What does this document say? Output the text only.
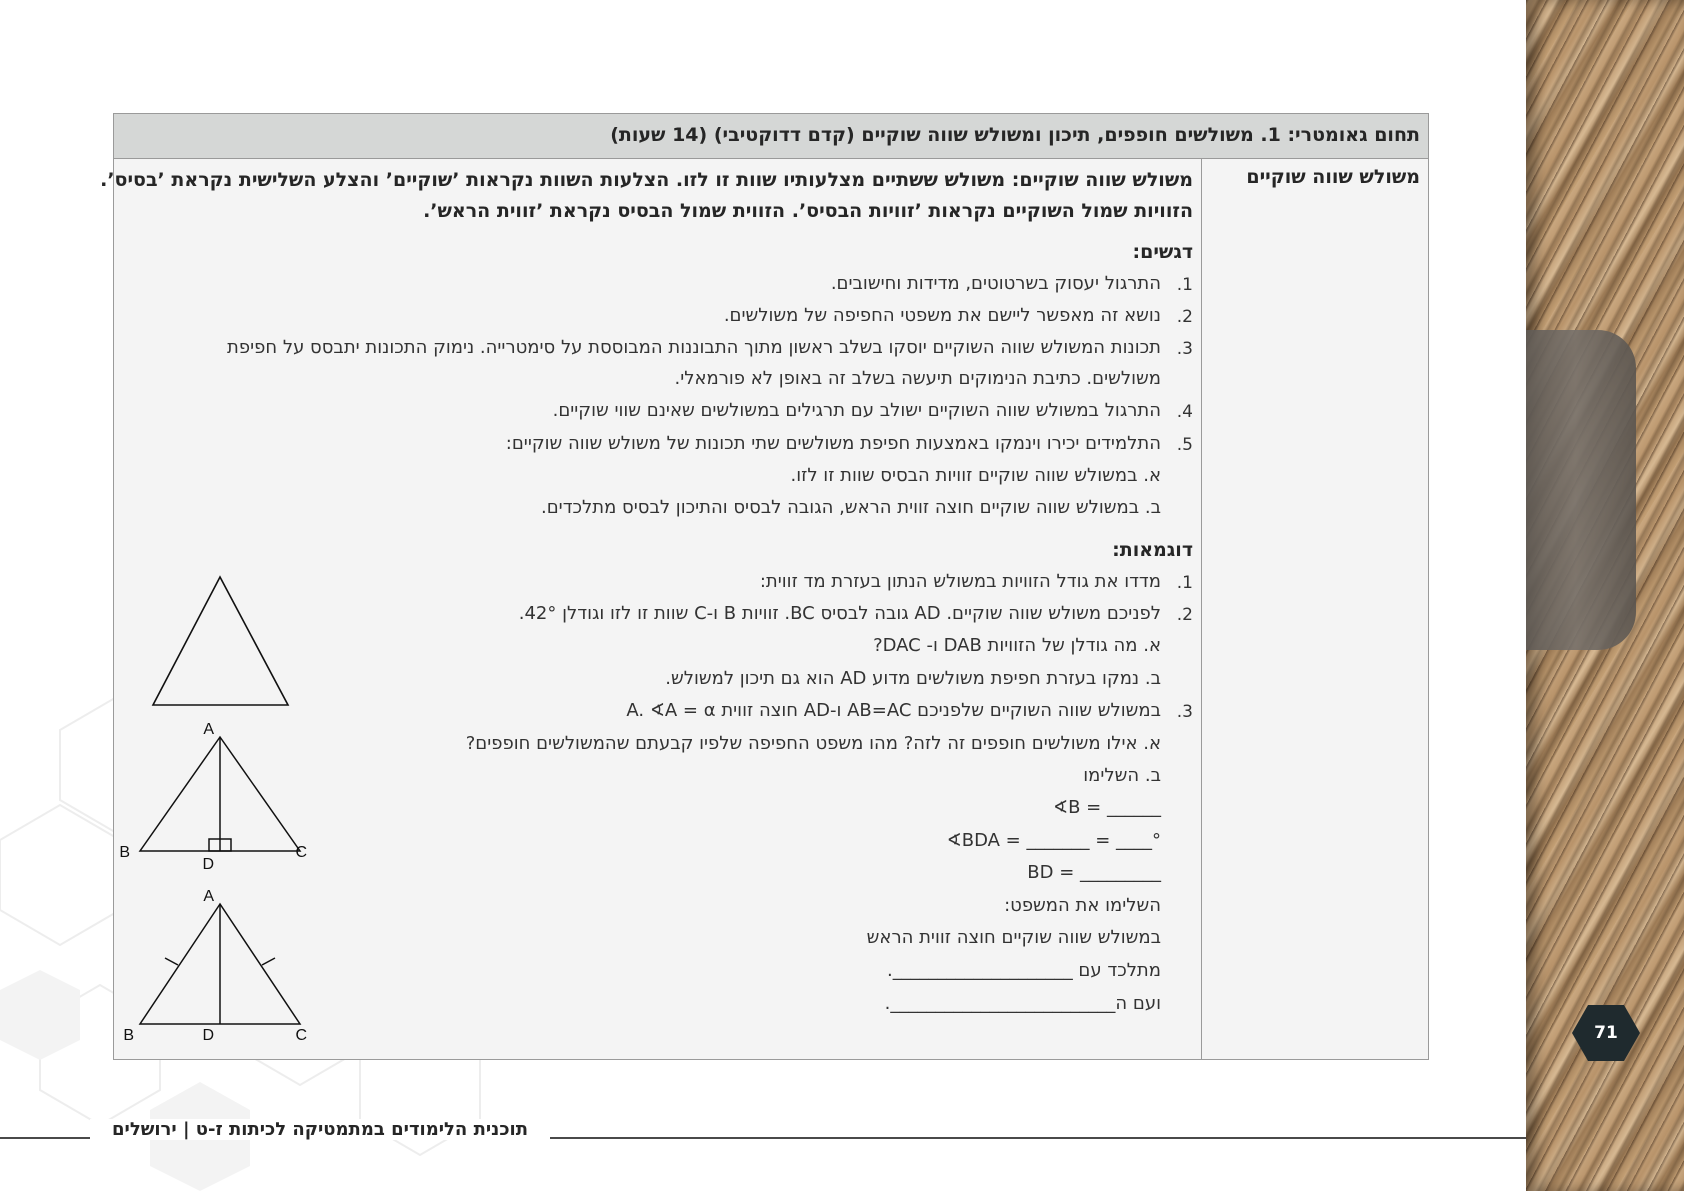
תחום גאומטרי: 1. משולשים חופפים, תיכון ומשולש שווה שוקיים (קדם דדוקטיבי) (14 שעות)
משולש שווה שוקיים
משולש שווה שוקיים: משולש ששתיים מצלעותיו שוות זו לזו. הצלעות השוות נקראות ’שוקיים’ והצלע השלישית נקראת ’בסיס’.
הזוויות שמול השוקיים נקראות ’זוויות הבסיס’. הזווית שמול הבסיס נקראת ’זווית הראש’.
דגשים:
1.
התרגול יעסוק בשרטוטים, מדידות וחישובים.
2.
נושא זה מאפשר ליישם את משפטי החפיפה של משולשים.
3.
תכונות המשולש שווה השוקיים יוסקו בשלב ראשון מתוך התבוננות המבוססת על סימטרייה. נימוק התכונות יתבסס על חפיפת
משולשים. כתיבת הנימוקים תיעשה בשלב זה באופן לא פורמאלי.
4.
התרגול במשולש שווה השוקיים ישולב עם תרגילים במשולשים שאינם שווי שוקיים.
5.
התלמידים יכירו וינמקו באמצעות חפיפת משולשים שתי תכונות של משולש שווה שוקיים:
א. במשולש שווה שוקיים זוויות הבסיס שוות זו לזו.
ב. במשולש שווה שוקיים חוצה זווית הראש, הגובה לבסיס והתיכון לבסיס מתלכדים.
דוגמאות:
1.
מדדו את גודל הזוויות במשולש הנתון בעזרת מד זווית:
2.
לפניכם משולש שווה שוקיים. AD גובה לבסיס BC. זוויות B ו-C שוות זו לזו וגודלן 42°.
א. מה גודלן של הזוויות DAB ו- DAC?
ב. נמקו בעזרת חפיפת משולשים מדוע AD הוא גם תיכון למשולש.
3.
במשולש שווה השוקיים שלפניכם AB=AC ו-AD חוצה זווית A. ∢A = α
א. אילו משולשים חופפים זה לזה? מהו משפט החפיפה שלפיו קבעתם שהמשולשים חופפים?
ב. השלימו
∢B = ______
∢BDA = _______ = ____°
BD = _________
השלימו את המשפט:
במשולש שווה שוקיים חוצה זווית הראש
מתלכד עם ____________________.
ועם ה_________________________.
A
B	C
D
A
B	C
D
תוכנית הלימודים במתמטיקה לכיתות ז-ט | ירושלים
71
